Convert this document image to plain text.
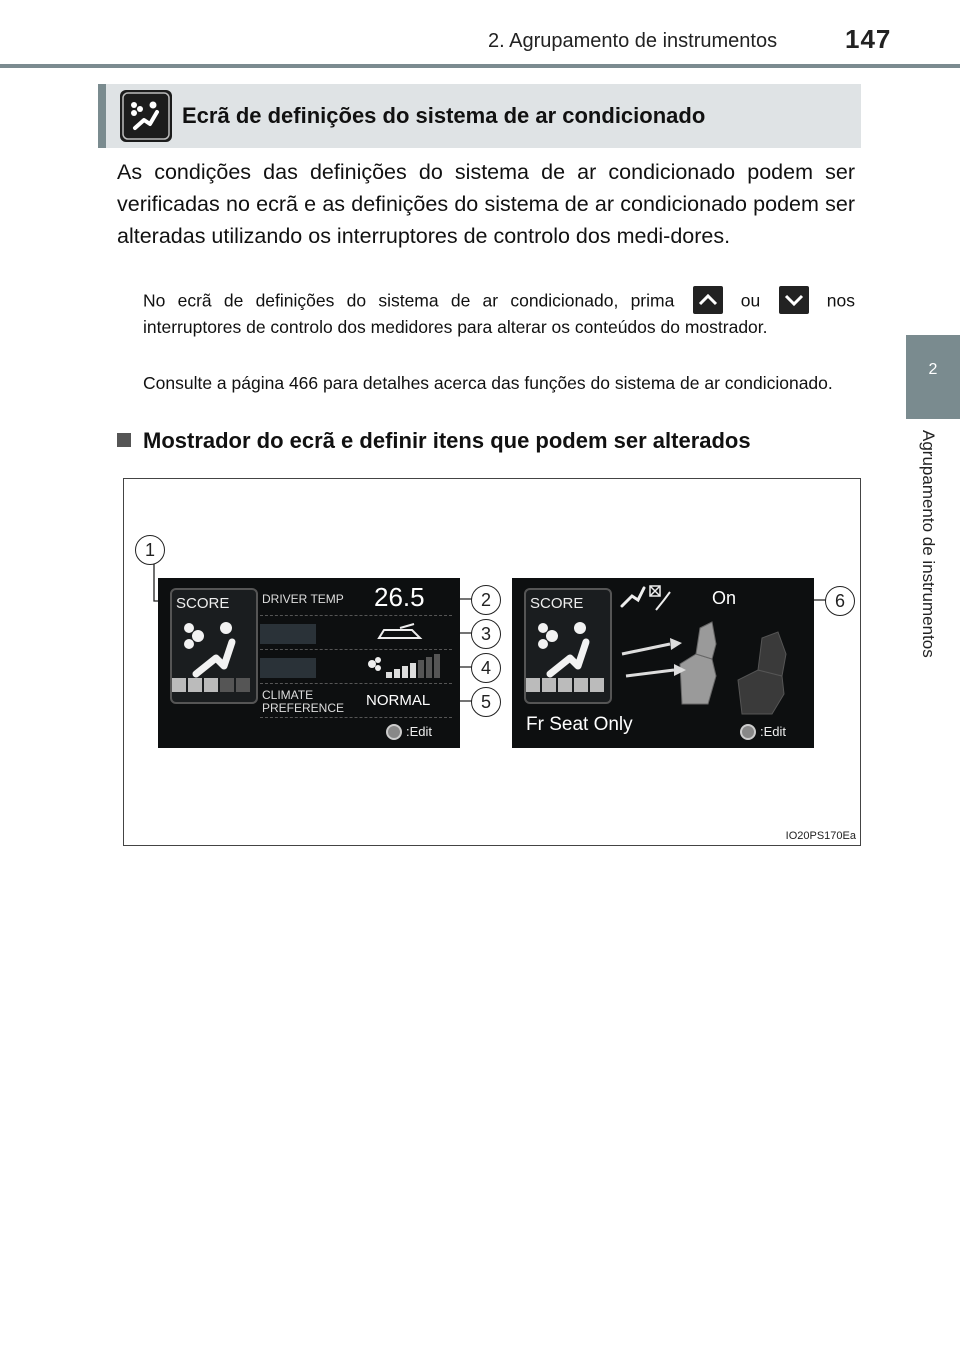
2. Agrupamento de instrumentos	147
2
Agrupamento de instrumentos
Ecrã de definições do sistema de ar condicionado

As condições das definições do sistema de ar condicionado podem ser verificadas no ecrã e as definições do sistema de ar condicionado podem ser alteradas utilizando os interruptores de controlo dos medi-dores.

No ecrã de definições do sistema de ar condicionado, prima	ou	nos interruptores de controlo dos medidores para alterar os conteúdos do mostrador.

Consulte a página 466 para detalhes acerca das funções do sistema de ar condicionado.

Mostrador do ecrã e definir itens que podem ser alterados
1
2
3
4
5
6
SCORE	DRIVER TEMP 26.5
CLIMATE
PREFERENCE NORMAL
:Edit
SCORE	On
Fr Seat Only	:Edit
IO20PS170Ea
